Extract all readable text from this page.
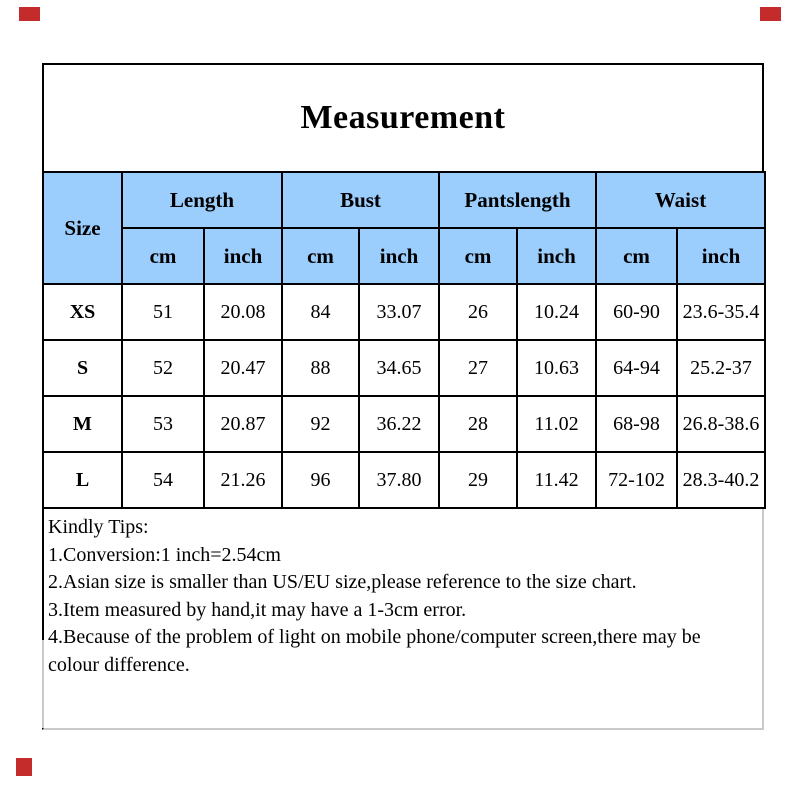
Measurement
Size	Length		Bust		Pantslength		Waist	
	cm	inch	cm	inch	cm	inch	cm	inch
XS	51	20.08	84	33.07	26	10.24	60-90	23.6-35.4
S	52	20.47	88	34.65	27	10.63	64-94	25.2-37
M	53	20.87	92	36.22	28	11.02	68-98	26.8-38.6
L	54	21.26	96	37.80	29	11.42	72-102	28.3-40.2
Kindly Tips:
1.Conversion:1 inch=2.54cm
2.Asian size is smaller than US/EU size,please reference to the size chart.
3.Item measured by hand,it may have a 1-3cm error.
4.Because of the problem of light on mobile phone/computer screen,there may be colour difference.
